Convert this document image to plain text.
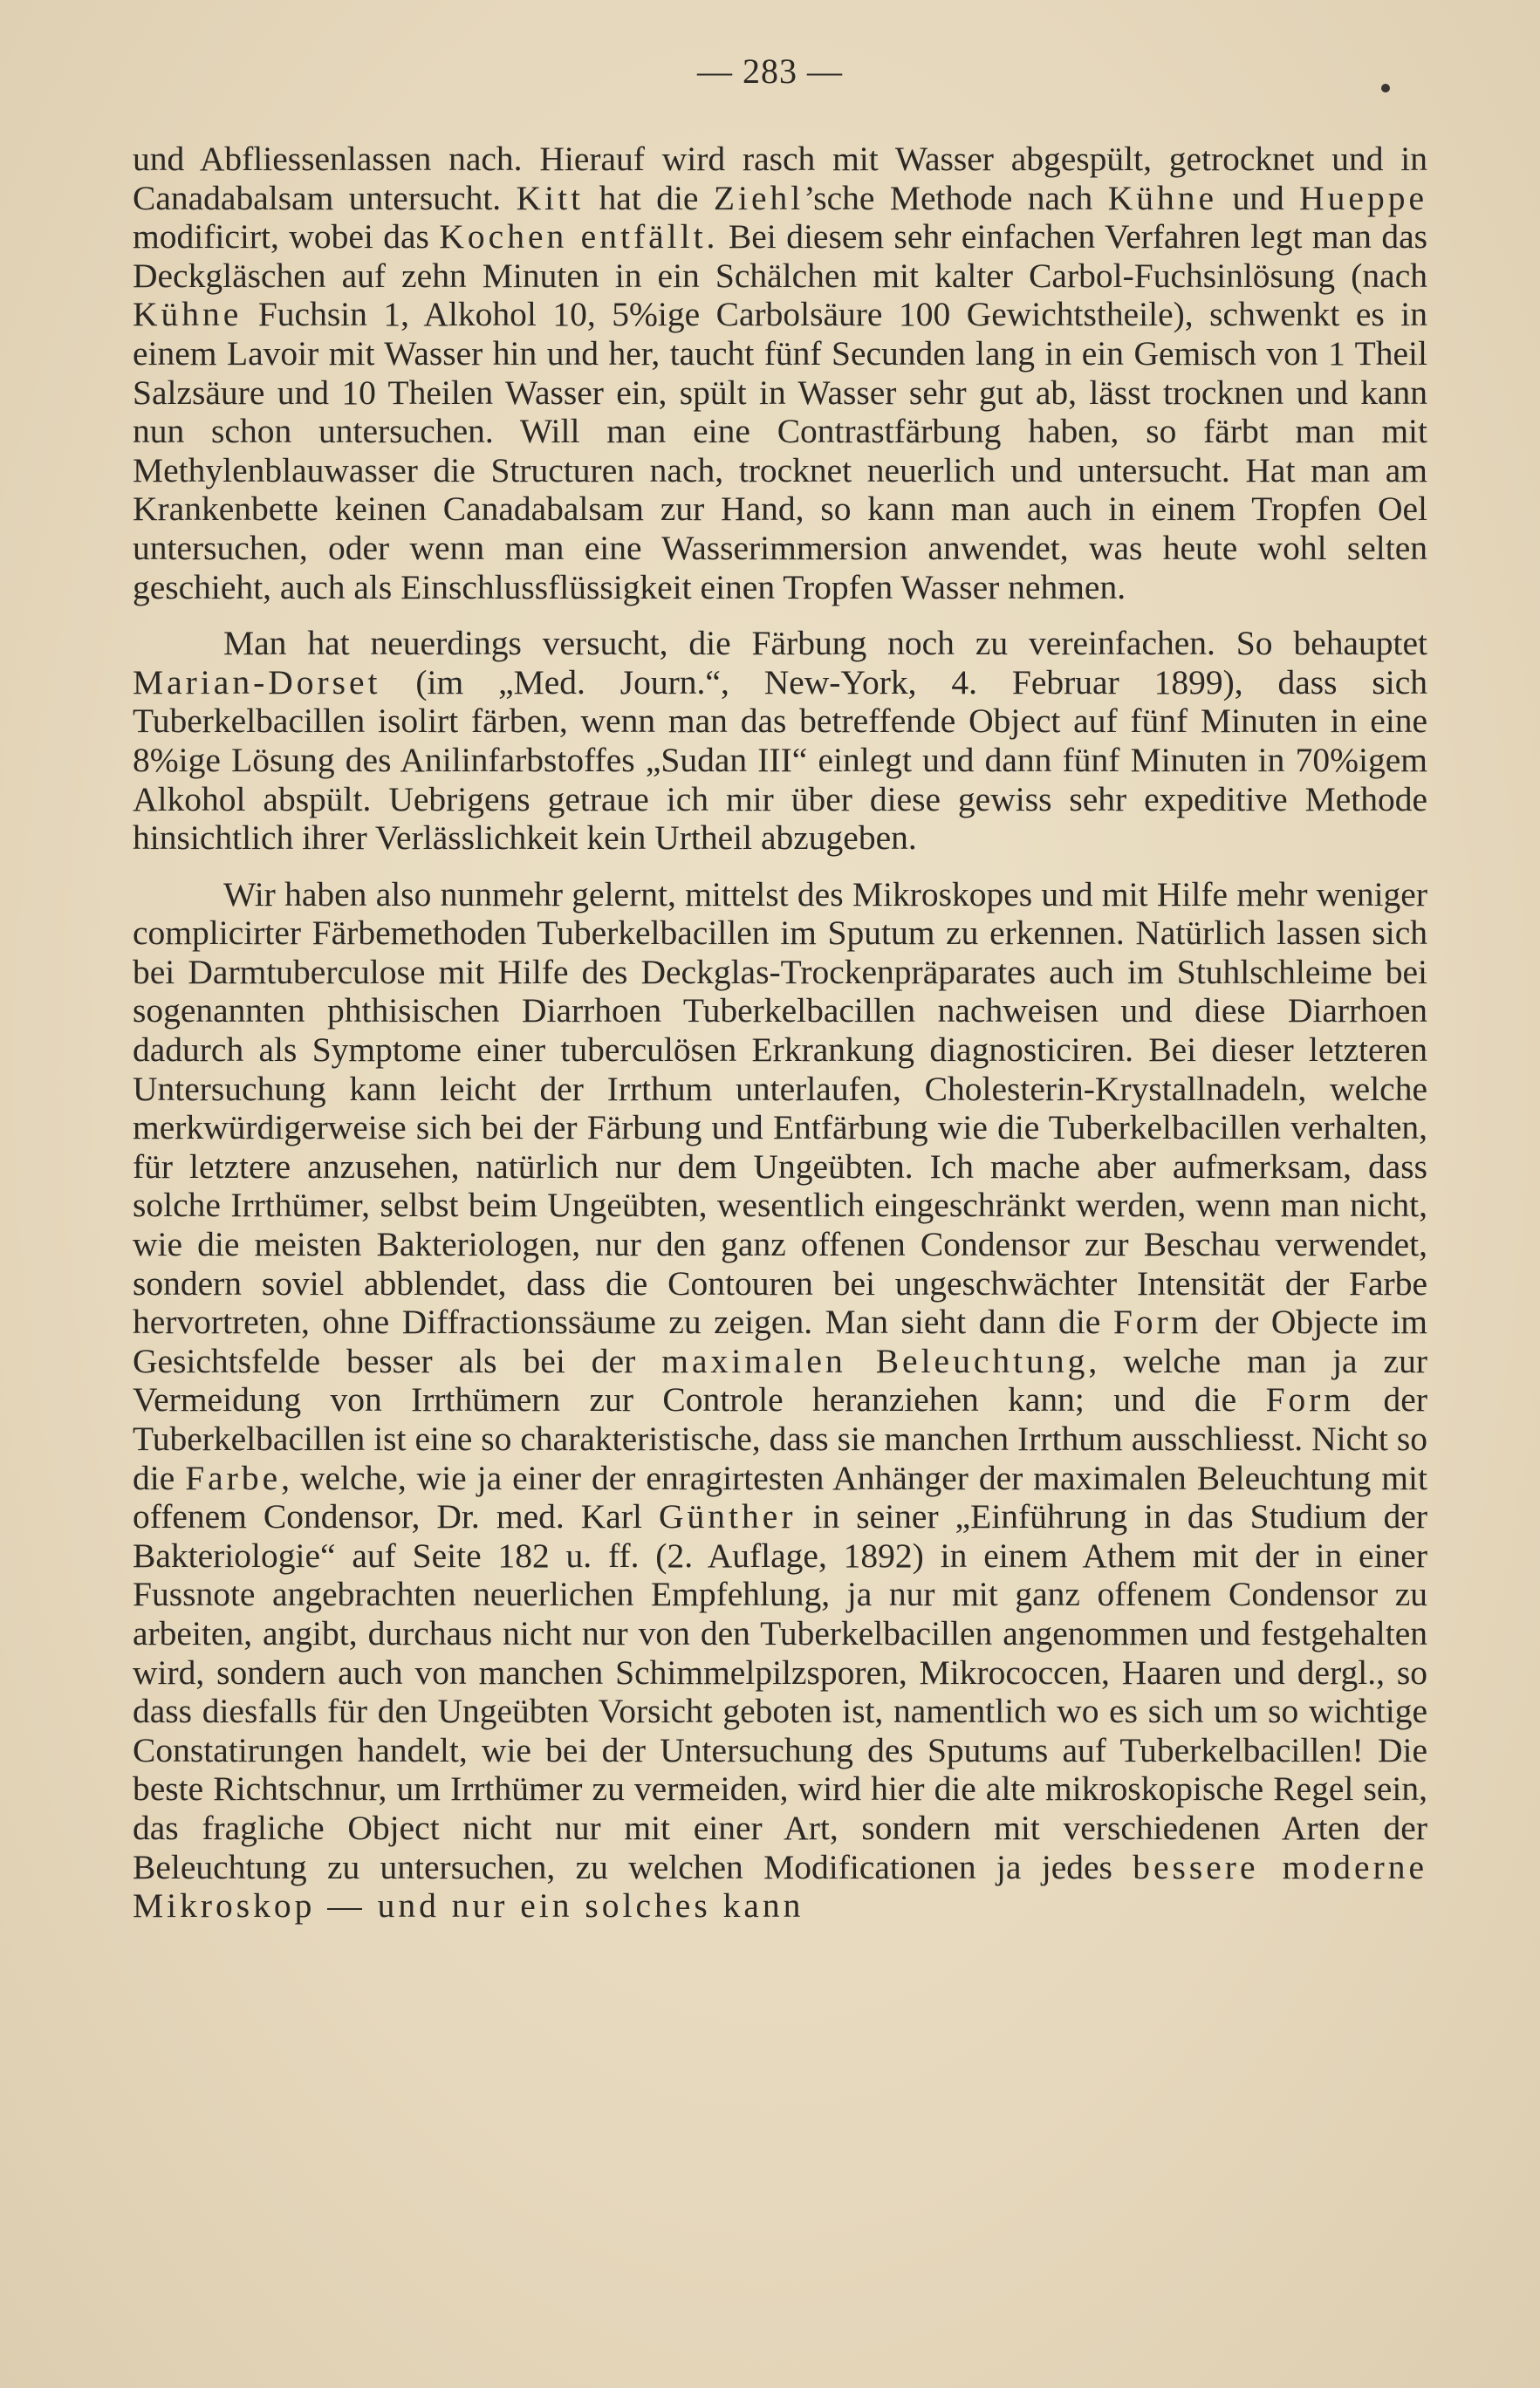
— 283 —

und Abfliessenlassen nach. Hierauf wird rasch mit Wasser abgespült, getrocknet und in Canadabalsam untersucht. Kitt hat die Ziehl’sche Methode nach Kühne und Hueppe modificirt, wobei das Kochen entfällt. Bei diesem sehr einfachen Verfahren legt man das Deckgläschen auf zehn Minuten in ein Schälchen mit kalter Carbol-Fuchsinlösung (nach Kühne Fuchsin 1, Alkohol 10, 5%ige Carbolsäure 100 Gewichtstheile), schwenkt es in einem Lavoir mit Wasser hin und her, taucht fünf Secunden lang in ein Gemisch von 1 Theil Salzsäure und 10 Theilen Wasser ein, spült in Wasser sehr gut ab, lässt trocknen und kann nun schon untersuchen. Will man eine Contrastfärbung haben, so färbt man mit Methylenblauwasser die Structuren nach, trocknet neuerlich und untersucht. Hat man am Krankenbette keinen Canadabalsam zur Hand, so kann man auch in einem Tropfen Oel untersuchen, oder wenn man eine Wasserimmersion anwendet, was heute wohl selten geschieht, auch als Einschlussflüssigkeit einen Tropfen Wasser nehmen.

Man hat neuerdings versucht, die Färbung noch zu vereinfachen. So behauptet Marian-Dorset (im „Med. Journ.“, New-York, 4. Februar 1899), dass sich Tuberkelbacillen isolirt färben, wenn man das betreffende Object auf fünf Minuten in eine 8%ige Lösung des Anilinfarbstoffes „Sudan III“ einlegt und dann fünf Minuten in 70%igem Alkohol abspült. Uebrigens getraue ich mir über diese gewiss sehr expeditive Methode hinsichtlich ihrer Verlässlichkeit kein Urtheil abzugeben.

Wir haben also nunmehr gelernt, mittelst des Mikroskopes und mit Hilfe mehr weniger complicirter Färbemethoden Tuberkelbacillen im Sputum zu erkennen. Natürlich lassen sich bei Darmtuberculose mit Hilfe des Deckglas-Trockenpräparates auch im Stuhlschleime bei sogenannten phthisischen Diarrhoen Tuberkelbacillen nachweisen und diese Diarrhoen dadurch als Symptome einer tuberculösen Erkrankung diagnosticiren. Bei dieser letzteren Untersuchung kann leicht der Irrthum unterlaufen, Cholesterin-Krystallnadeln, welche merkwürdigerweise sich bei der Färbung und Entfärbung wie die Tuberkelbacillen verhalten, für letztere anzusehen, natürlich nur dem Ungeübten. Ich mache aber aufmerksam, dass solche Irrthümer, selbst beim Ungeübten, wesentlich eingeschränkt werden, wenn man nicht, wie die meisten Bakteriologen, nur den ganz offenen Condensor zur Beschau verwendet, sondern soviel abblendet, dass die Contouren bei ungeschwächter Intensität der Farbe hervortreten, ohne Diffractionssäume zu zeigen. Man sieht dann die Form der Objecte im Gesichtsfelde besser als bei der maximalen Beleuchtung, welche man ja zur Vermeidung von Irrthümern zur Controle heranziehen kann; und die Form der Tuberkelbacillen ist eine so charakteristische, dass sie manchen Irrthum ausschliesst. Nicht so die Farbe, welche, wie ja einer der enragirtesten Anhänger der maximalen Beleuchtung mit offenem Condensor, Dr. med. Karl Günther in seiner „Einführung in das Studium der Bakteriologie“ auf Seite 182 u. ff. (2. Auflage, 1892) in einem Athem mit der in einer Fussnote angebrachten neuerlichen Empfehlung, ja nur mit ganz offenem Condensor zu arbeiten, angibt, durchaus nicht nur von den Tuberkelbacillen angenommen und festgehalten wird, sondern auch von manchen Schimmelpilzsporen, Mikrococcen, Haaren und dergl., so dass diesfalls für den Ungeübten Vorsicht geboten ist, namentlich wo es sich um so wichtige Constatirungen handelt, wie bei der Untersuchung des Sputums auf Tuberkelbacillen! Die beste Richtschnur, um Irrthümer zu vermeiden, wird hier die alte mikroskopische Regel sein, das fragliche Object nicht nur mit einer Art, sondern mit verschiedenen Arten der Beleuchtung zu untersuchen, zu welchen Modificationen ja jedes bessere moderne Mikroskop — und nur ein solches kann
